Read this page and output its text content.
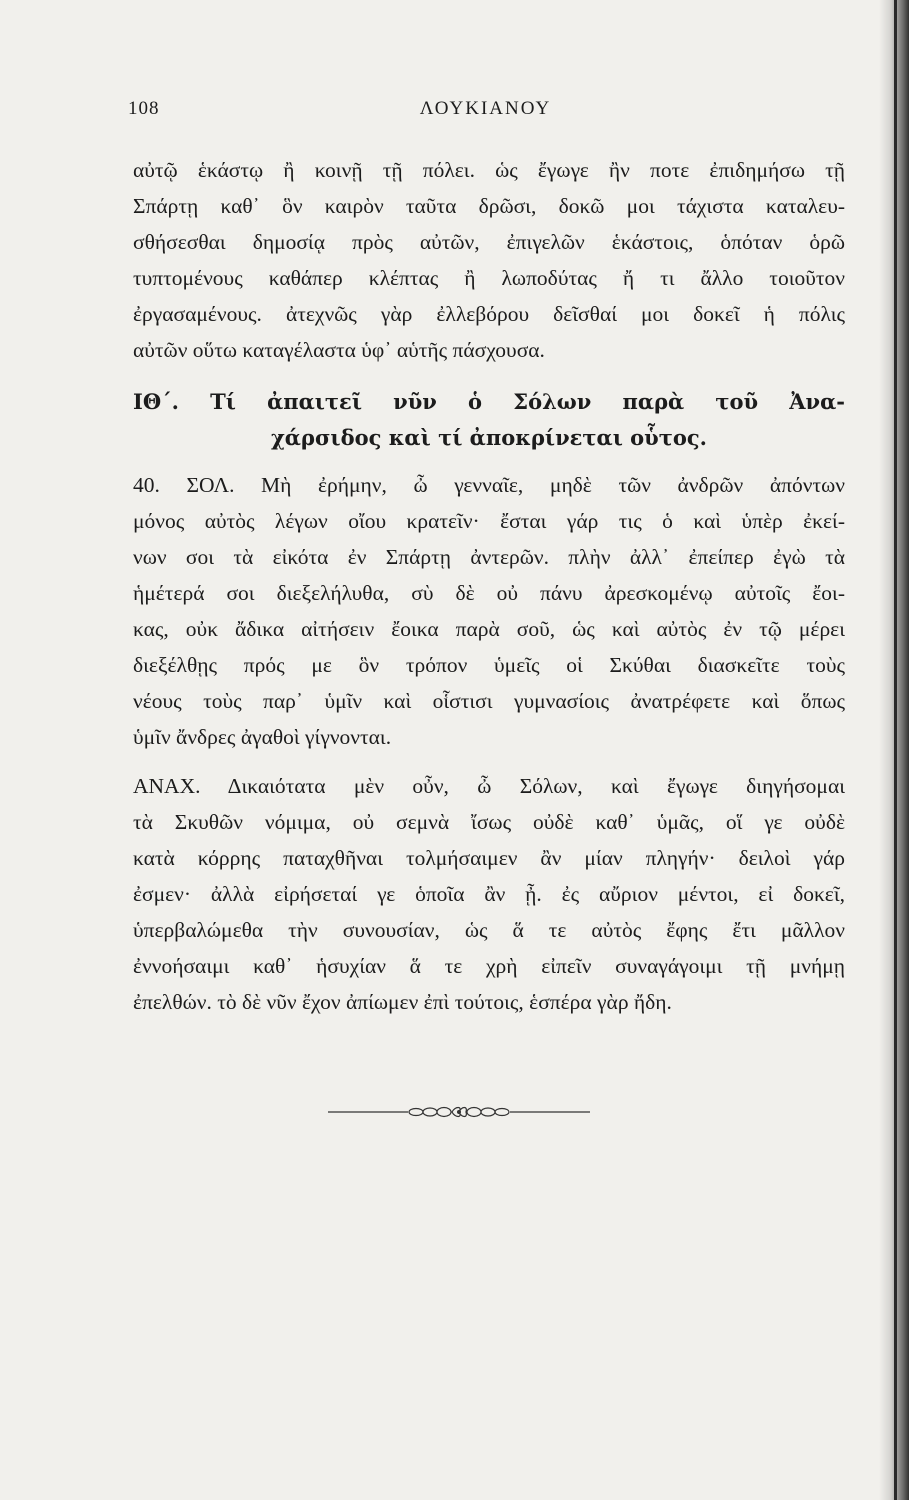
108	ΛΟΥΚΙΑΝΟΥ
αὐτῷ ἑκάστῳ ἢ κοινῇ τῇ πόλει. ὡς ἔγωγε ἢν ποτε ἐπιδημήσω τῇ
Σπάρτῃ καθ᾽ ὃν καιρὸν ταῦτα δρῶσι, δοκῶ μοι τάχιστα καταλευ-
σθήσεσθαι δημοσίᾳ πρὸς αὐτῶν, ἐπιγελῶν ἑκάστοις, ὁπόταν ὁρῶ
τυπτομένους καθάπερ κλέπτας ἢ λωποδύτας ἤ τι ἄλλο τοιοῦτον
ἐργασαμένους. ἀτεχνῶς γὰρ ἐλλεβόρου δεῖσθαί μοι δοκεῖ ἡ πόλις
αὐτῶν οὕτω καταγέλαστα ὑφ᾽ αὑτῆς πάσχουσα.
ΙΘ΄. Τί ἀπαιτεῖ νῦν ὁ Σόλων παρὰ τοῦ Ἀνα-
χάρσιδος καὶ τί ἀποκρίνεται οὗτος.
40. ΣΟΛ. Μὴ ἐρήμην, ὦ γενναῖε, μηδὲ τῶν ἀνδρῶν ἀπόντων
μόνος αὐτὸς λέγων οἴου κρατεῖν· ἔσται γάρ τις ὁ καὶ ὑπὲρ ἐκεί-
νων σοι τὰ εἰκότα ἐν Σπάρτῃ ἀντερῶν. πλὴν ἀλλ᾽ ἐπείπερ ἐγὼ τὰ
ἡμέτερά σοι διεξελήλυθα, σὺ δὲ οὐ πάνυ ἀρεσκομένῳ αὐτοῖς ἔοι-
κας, οὐκ ἄδικα αἰτήσειν ἔοικα παρὰ σοῦ, ὡς καὶ αὐτὸς ἐν τῷ μέρει
διεξέλθῃς πρός με ὃν τρόπον ὑμεῖς οἱ Σκύθαι διασκεῖτε τοὺς
νέους τοὺς παρ᾽ ὑμῖν καὶ οἷστισι γυμνασίοις ἀνατρέφετε καὶ ὅπως
ὑμῖν ἄνδρες ἀγαθοὶ γίγνονται.
ΑΝΑΧ. Δικαιότατα μὲν οὖν, ὦ Σόλων, καὶ ἔγωγε διηγήσομαι
τὰ Σκυθῶν νόμιμα, οὐ σεμνὰ ἴσως οὐδὲ καθ᾽ ὑμᾶς, οἵ γε οὐδὲ
κατὰ κόρρης παταχθῆναι τολμήσαιμεν ἂν μίαν πληγήν· δειλοὶ γάρ
ἐσμεν· ἀλλὰ εἰρήσεταί γε ὁποῖα ἂν ᾖ. ἐς αὔριον μέντοι, εἰ δοκεῖ,
ὑπερβαλώμεθα τὴν συνουσίαν, ὡς ἅ τε αὐτὸς ἔφης ἔτι μᾶλλον
ἐννοήσαιμι καθ᾽ ἡσυχίαν ἅ τε χρὴ εἰπεῖν συναγάγοιμι τῇ μνήμῃ
ἐπελθών. τὸ δὲ νῦν ἔχον ἀπίωμεν ἐπὶ τούτοις, ἑσπέρα γὰρ ἤδη.
